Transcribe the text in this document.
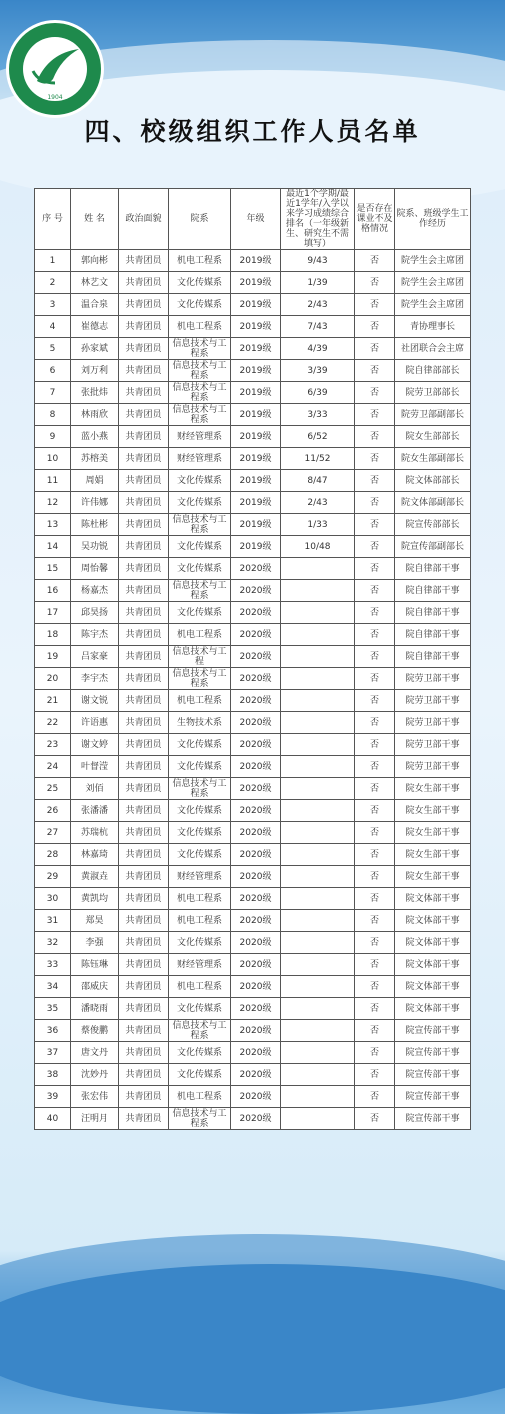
1904
四、校级组织工作人员名单
序 号	姓 名	政治面貌	院系	年级	最近1个学期/最近1学年/入学以来学习成绩综合排名（一年级新生、研究生不需填写）	是否存在课业不及格情况	院系、班级学生工作经历
1	郭向彬	共青团员	机电工程系	2019级	9/43	否	院学生会主席团
2	林艺文	共青团员	文化传媒系	2019级	1/39	否	院学生会主席团
3	温合泉	共青团员	文化传媒系	2019级	2/43	否	院学生会主席团
4	崔德志	共青团员	机电工程系	2019级	7/43	否	青协理事长
5	孙家斌	共青团员	信息技术与工程系	2019级	4/39	否	社团联合会主席
6	刘万利	共青团员	信息技术与工程系	2019级	3/39	否	院自律部部长
7	张批炜	共青团员	信息技术与工程系	2019级	6/39	否	院劳卫部部长
8	林雨欣	共青团员	信息技术与工程系	2019级	3/33	否	院劳卫部副部长
9	蓝小燕	共青团员	财经管理系	2019级	6/52	否	院女生部部长
10	苏榕美	共青团员	财经管理系	2019级	11/52	否	院女生部副部长
11	周娟	共青团员	文化传媒系	2019级	8/47	否	院文体部部长
12	许伟娜	共青团员	文化传媒系	2019级	2/43	否	院文体部副部长
13	陈杜彬	共青团员	信息技术与工程系	2019级	1/33	否	院宣传部部长
14	吴功锐	共青团员	文化传媒系	2019级	10/48	否	院宣传部副部长
15	周怡馨	共青团员	文化传媒系	2020级		否	院自律部干事
16	杨嘉杰	共青团员	信息技术与工程系	2020级		否	院自律部干事
17	邱昊扬	共青团员	文化传媒系	2020级		否	院自律部干事
18	陈宇杰	共青团员	机电工程系	2020级		否	院自律部干事
19	吕家豪	共青团员	信息技术与工程	2020级		否	院自律部干事
20	李宇杰	共青团员	信息技术与工程系	2020级		否	院劳卫部干事
21	谢文锐	共青团员	机电工程系	2020级		否	院劳卫部干事
22	许语惠	共青团员	生物技术系	2020级		否	院劳卫部干事
23	谢文婷	共青团员	文化传媒系	2020级		否	院劳卫部干事
24	叶督滢	共青团员	文化传媒系	2020级		否	院劳卫部干事
25	刘佰	共青团员	信息技术与工程系	2020级		否	院女生部干事
26	张潘潘	共青团员	文化传媒系	2020级		否	院女生部干事
27	苏瑞杭	共青团员	文化传媒系	2020级		否	院女生部干事
28	林嘉琦	共青团员	文化传媒系	2020级		否	院女生部干事
29	黄淑垚	共青团员	财经管理系	2020级		否	院女生部干事
30	黄凯均	共青团员	机电工程系	2020级		否	院文体部干事
31	郑昊	共青团员	机电工程系	2020级		否	院文体部干事
32	李强	共青团员	文化传媒系	2020级		否	院文体部干事
33	陈钰琳	共青团员	财经管理系	2020级		否	院文体部干事
34	邵威庆	共青团员	机电工程系	2020级		否	院文体部干事
35	潘晓雨	共青团员	文化传媒系	2020级		否	院文体部干事
36	蔡俊鹏	共青团员	信息技术与工程系	2020级		否	院宣传部干事
37	唐文丹	共青团员	文化传媒系	2020级		否	院宣传部干事
38	沈妙丹	共青团员	文化传媒系	2020级		否	院宣传部干事
39	张宏伟	共青团员	机电工程系	2020级		否	院宣传部干事
40	汪明月	共青团员	信息技术与工程系	2020级		否	院宣传部干事
